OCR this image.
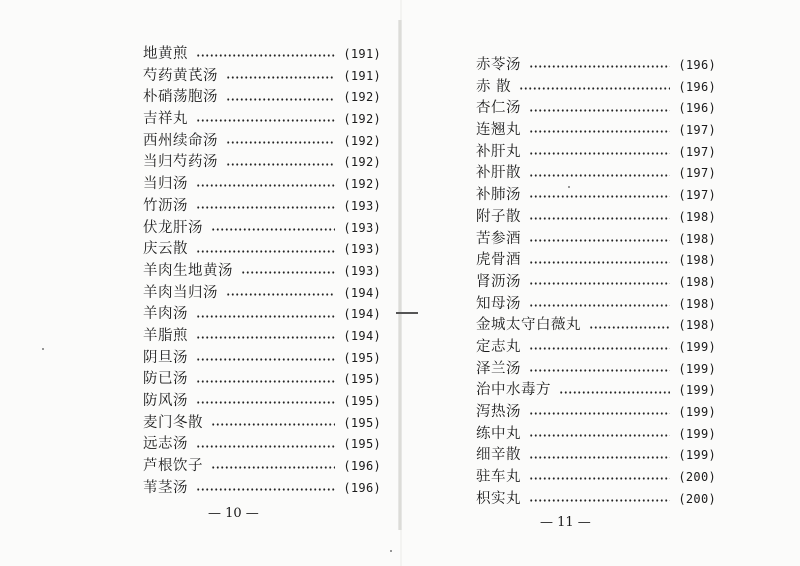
地黄煎	(191)
芍药黄芪汤	(191)
朴硝荡胞汤	(192)
吉祥丸	(192)
西州续命汤	(192)
当归芍药汤	(192)
当归汤	(192)
竹沥汤	(193)
伏龙肝汤	(193)
庆云散	(193)
羊肉生地黄汤	(193)
羊肉当归汤	(194)
羊肉汤	(194)
羊脂煎	(194)
阴旦汤	(195)
防已汤	(195)
防风汤	(195)
麦门冬散	(195)
远志汤	(195)
芦根饮子	(196)
苇茎汤	(196)
赤苓汤	(196)
赤 散	(196)
杏仁汤	(196)
连翘丸	(197)
补肝丸	(197)
补肝散	(197)
补肺汤	(197)
附子散	(198)
苦参酒	(198)
虎骨酒	(198)
肾沥汤	(198)
知母汤	(198)
金城太守白薇丸	(198)
定志丸	(199)
泽兰汤	(199)
治中水毒方	(199)
泻热汤	(199)
练中丸	(199)
细辛散	(199)
驻车丸	(200)
枳实丸	(200)
— 10 —
— 11 —
